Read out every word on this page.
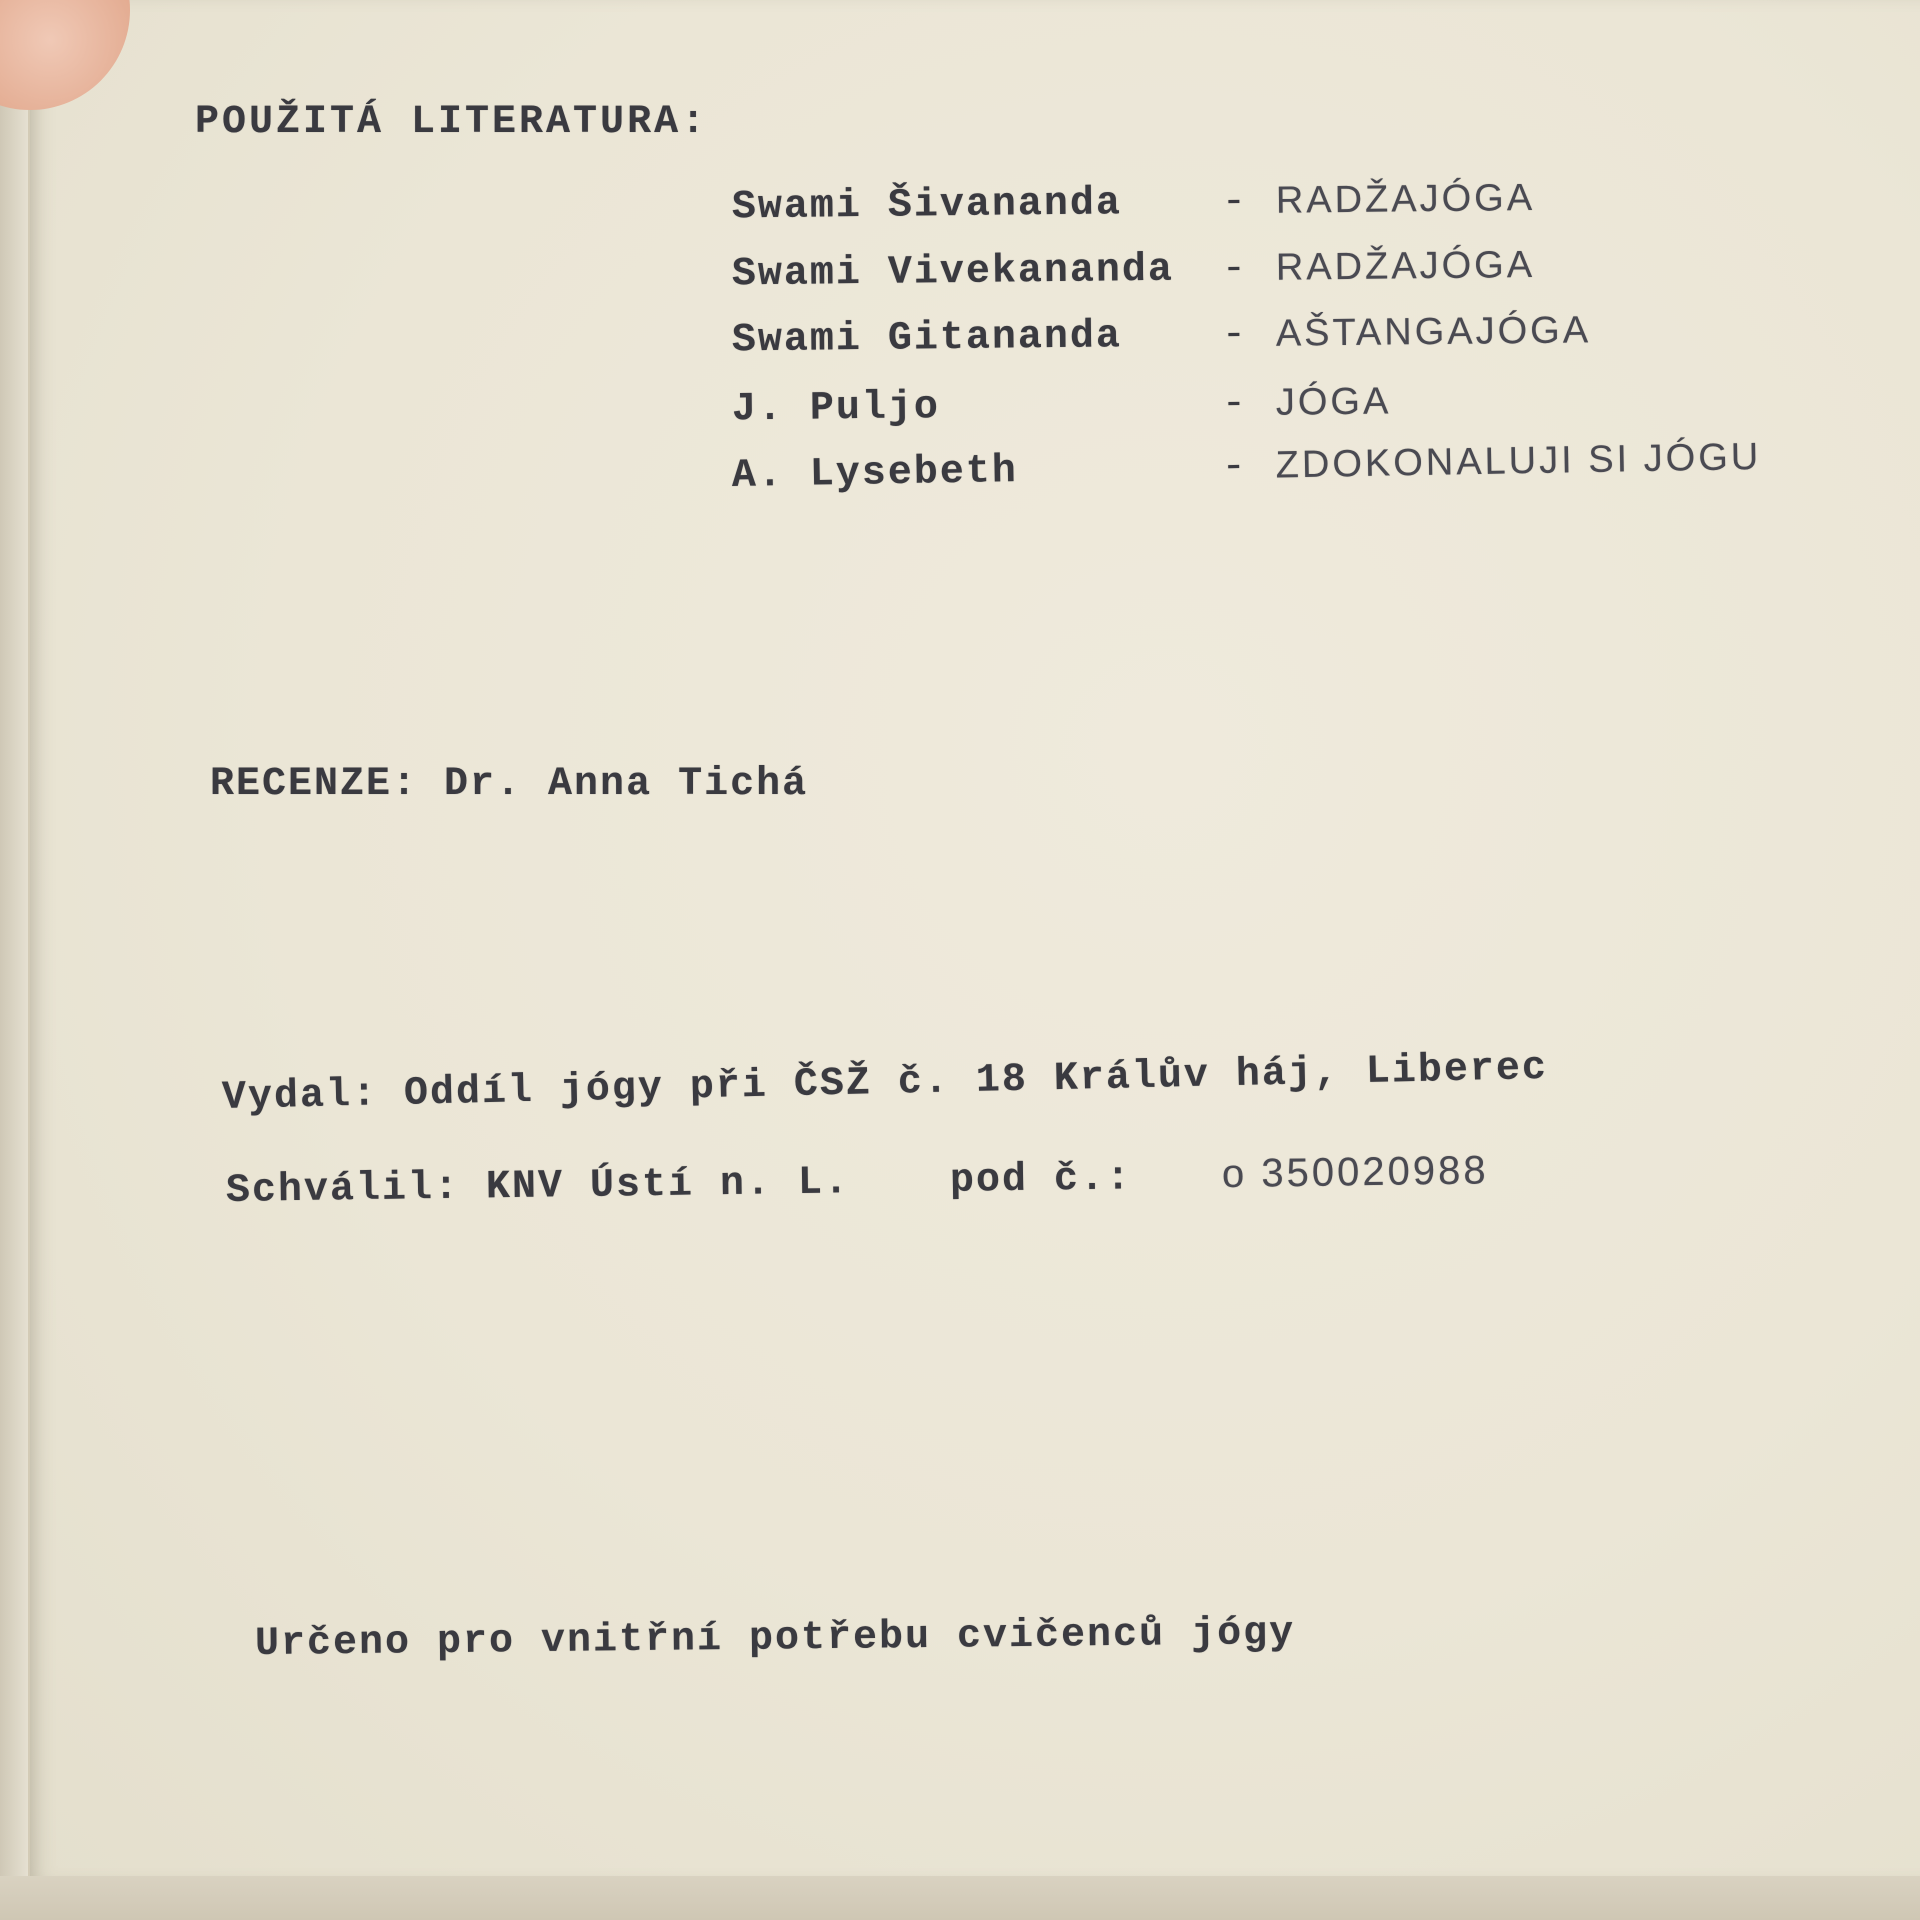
POUŽITÁ LITERATURA:

Swami Šivananda - RADŽAJÓGA
Swami Vivekananda - RADŽAJÓGA
Swami Gitananda - AŠTANGAJÓGA
J. Puljo	- JÓGA
A. Lysebeth	- ZDOKONALUJI SI JÓGU

RECENZE: Dr. Anna Tichá

Vydal: Oddíl jógy při ČSŽ č. 18 Králův háj, Liberec

Schválil: KNV Ústí n. L. pod č.: o 350020988

Určeno pro vnitřní potřebu cvičenců jógy
